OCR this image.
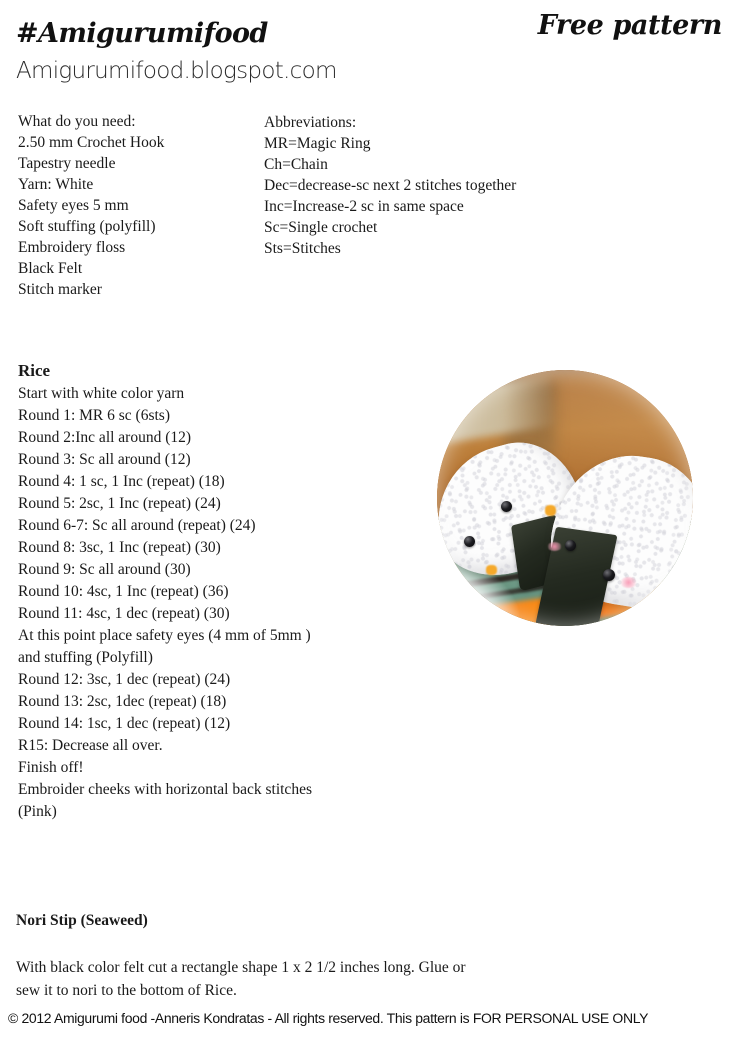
#Amigurumifood
Amigurumifood.blogspot.com
Free pattern
What do you need:
2.50 mm Crochet Hook
Tapestry needle
Yarn: White
Safety eyes 5 mm
Soft stuffing (polyfill)
Embroidery floss
Black Felt
Stitch marker
Abbreviations:
MR=Magic Ring
Ch=Chain
Dec=decrease-sc next 2 stitches together
Inc=Increase-2 sc in same space
Sc=Single crochet
Sts=Stitches
Rice
Start with white color yarn
Round 1: MR 6 sc (6sts)
Round 2:Inc all around (12)
Round 3: Sc all around (12)
Round 4: 1 sc, 1 Inc (repeat) (18)
Round 5: 2sc, 1 Inc (repeat) (24)
Round 6-7: Sc all around (repeat) (24)
Round 8: 3sc, 1 Inc (repeat) (30)
Round 9: Sc all around (30)
Round 10: 4sc, 1 Inc (repeat) (36)
Round 11: 4sc, 1 dec (repeat) (30)
At this point place safety eyes (4 mm of 5mm )
and stuffing (Polyfill)
Round 12: 3sc, 1 dec (repeat) (24)
Round 13: 2sc, 1dec (repeat) (18)
Round 14: 1sc, 1 dec (repeat) (12)
R15: Decrease all over.
Finish off!
Embroider cheeks with horizontal back stitches
(Pink)
Nori Stip (Seaweed)
With black color felt cut a rectangle shape 1 x 2 1/2 inches long. Glue or
sew it to nori to the bottom of Rice.
© 2012 Amigurumi food -Anneris Kondratas - All rights reserved. This pattern is FOR PERSONAL USE ONLY
